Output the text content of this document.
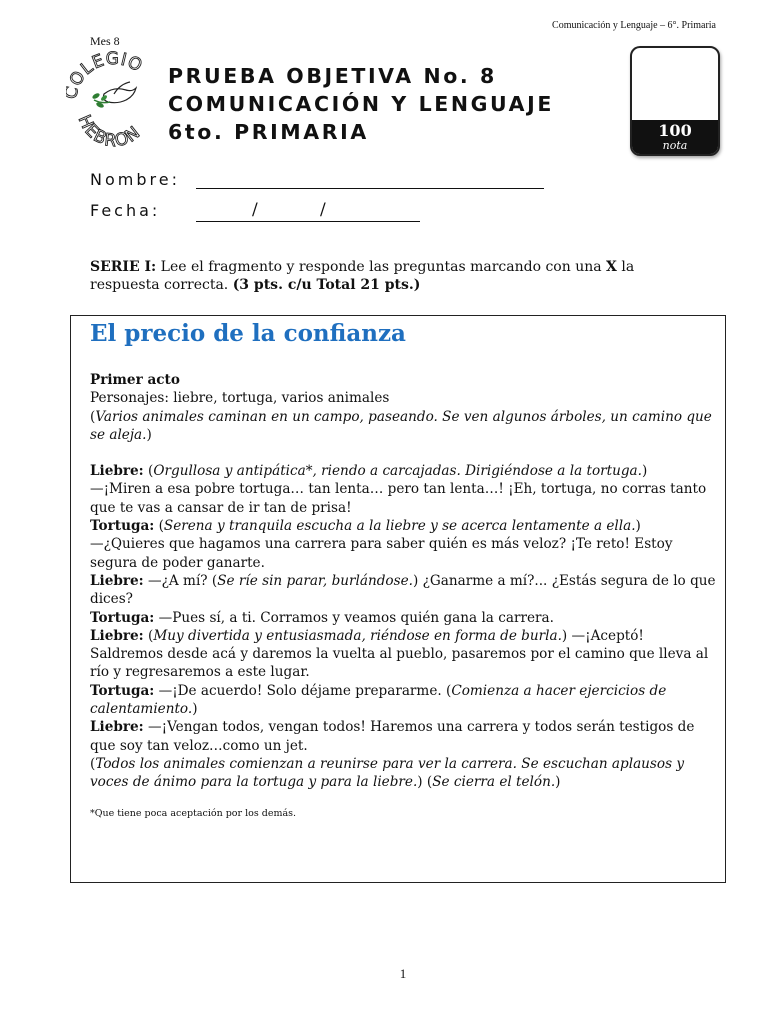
Comunicación y Lenguaje – 6°. Primaria
Mes 8
OLEGIO
HEBRON
PRUEBA OBJETIVA No. 8
COMUNICACIÓN Y LENGUAJE
6to. PRIMARIA	100
nota
Nombre:
Fecha:	/	/
SERIE I: Lee el fragmento y responde las preguntas marcando con una X la respuesta correcta. (3 pts. c/u Total 21 pts.)
El precio de la confianza

Primer acto

Personajes: liebre, tortuga, varios animales

(Varios animales caminan en un campo, paseando. Se ven algunos árboles, un camino que se aleja.)

Liebre: (Orgullosa y antipática*, riendo a carcajadas. Dirigiéndose a la tortuga.)

—¡Miren a esa pobre tortuga… tan lenta… pero tan lenta…! ¡Eh, tortuga, no corras tanto que te vas a cansar de ir tan de prisa!

Tortuga: (Serena y tranquila escucha a la liebre y se acerca lentamente a ella.)

—¿Quieres que hagamos una carrera para saber quién es más veloz? ¡Te reto! Estoy segura de poder ganarte.

Liebre: —¿A mí? (Se ríe sin parar, burlándose.) ¿Ganarme a mí?... ¿Estás segura de lo que dices?

Tortuga: —Pues sí, a ti. Corramos y veamos quién gana la carrera.

Liebre: (Muy divertida y entusiasmada, riéndose en forma de burla.) —¡Aceptó! Saldremos desde acá y daremos la vuelta al pueblo, pasaremos por el camino que lleva al río y regresaremos a este lugar.

Tortuga: —¡De acuerdo! Solo déjame prepararme. (Comienza a hacer ejercicios de calentamiento.)

Liebre: —¡Vengan todos, vengan todos! Haremos una carrera y todos serán testigos de que soy tan veloz…como un jet.

(Todos los animales comienzan a reunirse para ver la carrera. Se escuchan aplausos y voces de ánimo para la tortuga y para la liebre.) (Se cierra el telón.)

*Que tiene poca aceptación por los demás.
1
